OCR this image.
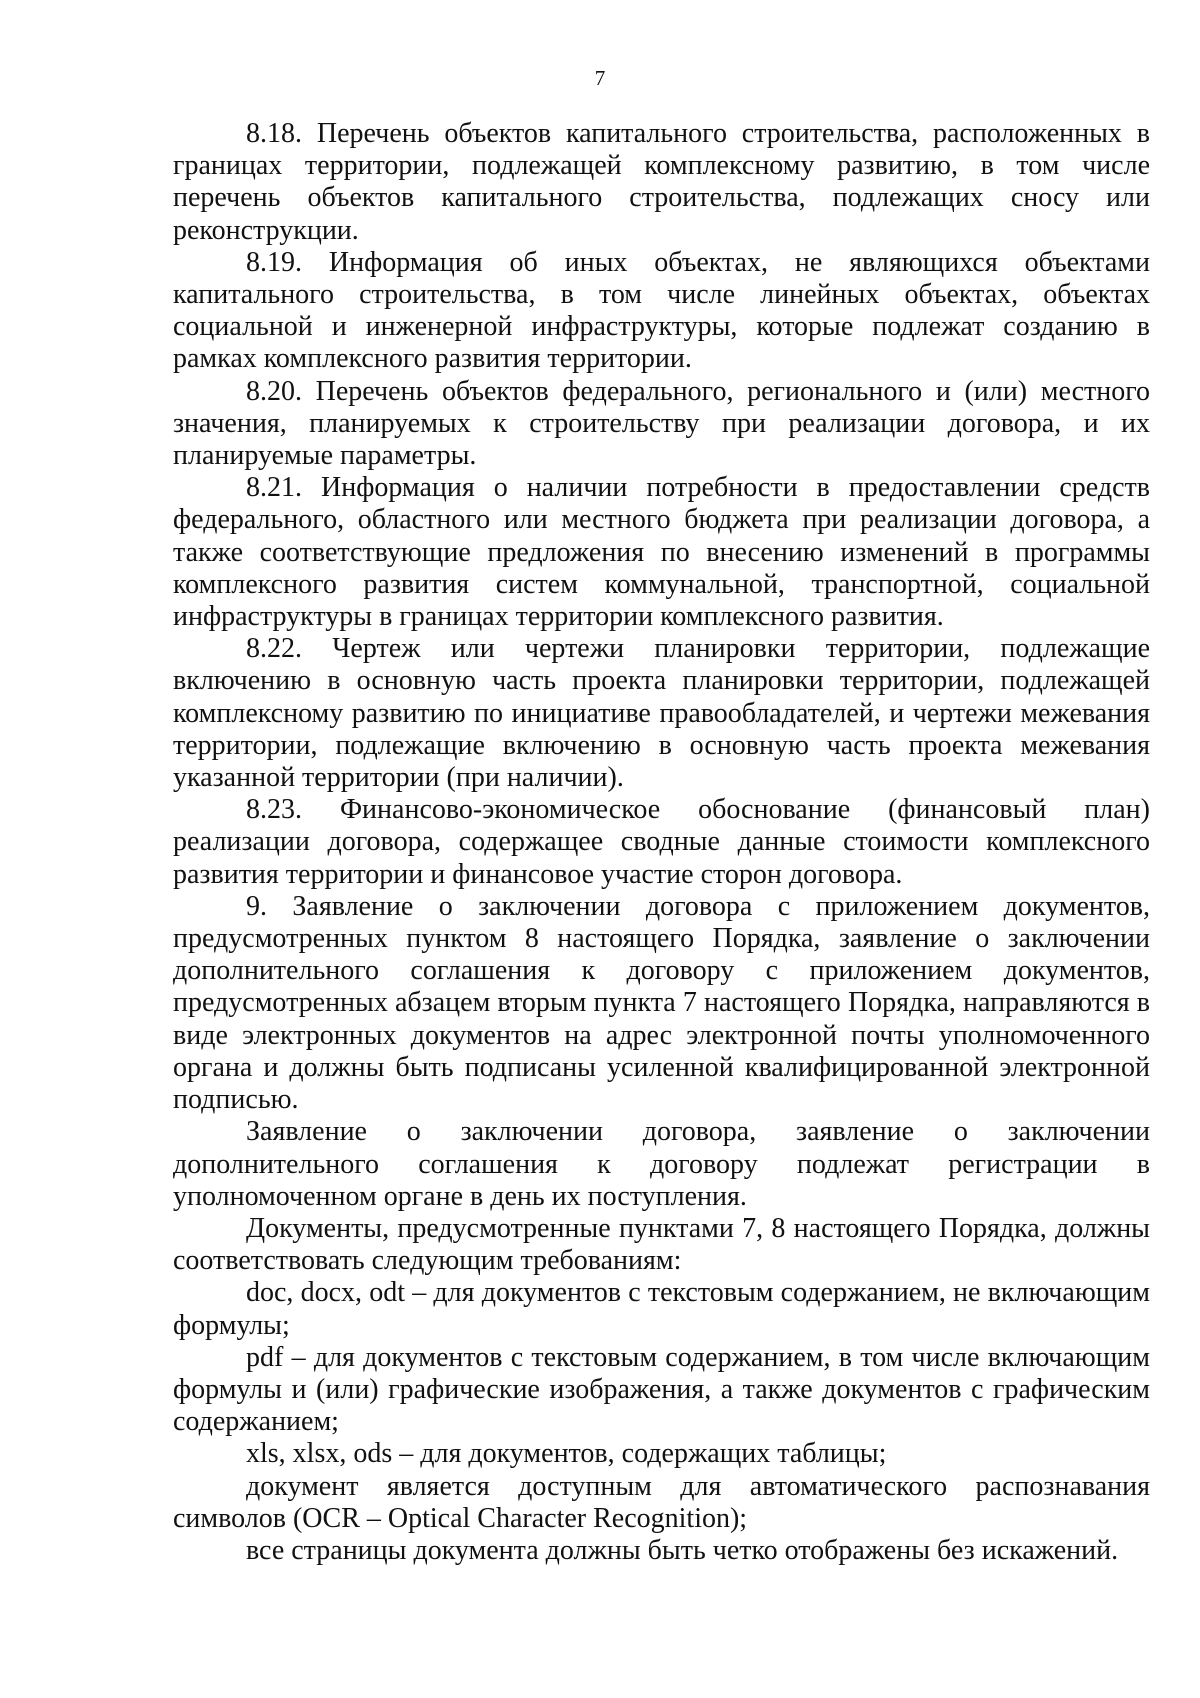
7

8.18. Перечень объектов капитального строительства, расположенных в границах территории, подлежащей комплексному развитию, в том числе перечень объектов капитального строительства, подлежащих сносу или реконструкции.

8.19. Информация об иных объектах, не являющихся объектами капитального строительства, в том числе линейных объектах, объектах социальной и инженерной инфраструктуры, которые подлежат созданию в рамках комплексного развития территории.

8.20. Перечень объектов федерального, регионального и (или) местного значения, планируемых к строительству при реализации договора, и их планируемые параметры.

8.21. Информация о наличии потребности в предоставлении средств федерального, областного или местного бюджета при реализации договора, а также соответствующие предложения по внесению изменений в программы комплексного развития систем коммунальной, транспортной, социальной инфраструктуры в границах территории комплексного развития.

8.22. Чертеж или чертежи планировки территории, подлежащие включению в основную часть проекта планировки территории, подлежащей комплексному развитию по инициативе правообладателей, и чертежи межевания территории, подлежащие включению в основную часть проекта межевания указанной территории (при наличии).

8.23. Финансово-экономическое обоснование (финансовый план) реализации договора, содержащее сводные данные стоимости комплексного развития территории и финансовое участие сторон договора.

9. Заявление о заключении договора с приложением документов, предусмотренных пунктом 8 настоящего Порядка, заявление о заключении дополнительного соглашения к договору с приложением документов, предусмотренных абзацем вторым пункта 7 настоящего Порядка, направляются в виде электронных документов на адрес электронной почты уполномоченного органа и должны быть подписаны усиленной квалифицированной электронной подписью.

Заявление о заключении договора, заявление о заключении дополнительного соглашения к договору подлежат регистрации в уполномоченном органе в день их поступления.

Документы, предусмотренные пунктами 7, 8 настоящего Порядка, должны соответствовать следующим требованиям:

doc, docx, odt – для документов с текстовым содержанием, не включающим формулы;

pdf – для документов с текстовым содержанием, в том числе включающим формулы и (или) графические изображения, а также документов с графическим содержанием;

xls, xlsx, ods – для документов, содержащих таблицы;

документ является доступным для автоматического распознавания символов (OCR – Optical Character Recognition);

все страницы документа должны быть четко отображены без искажений.
